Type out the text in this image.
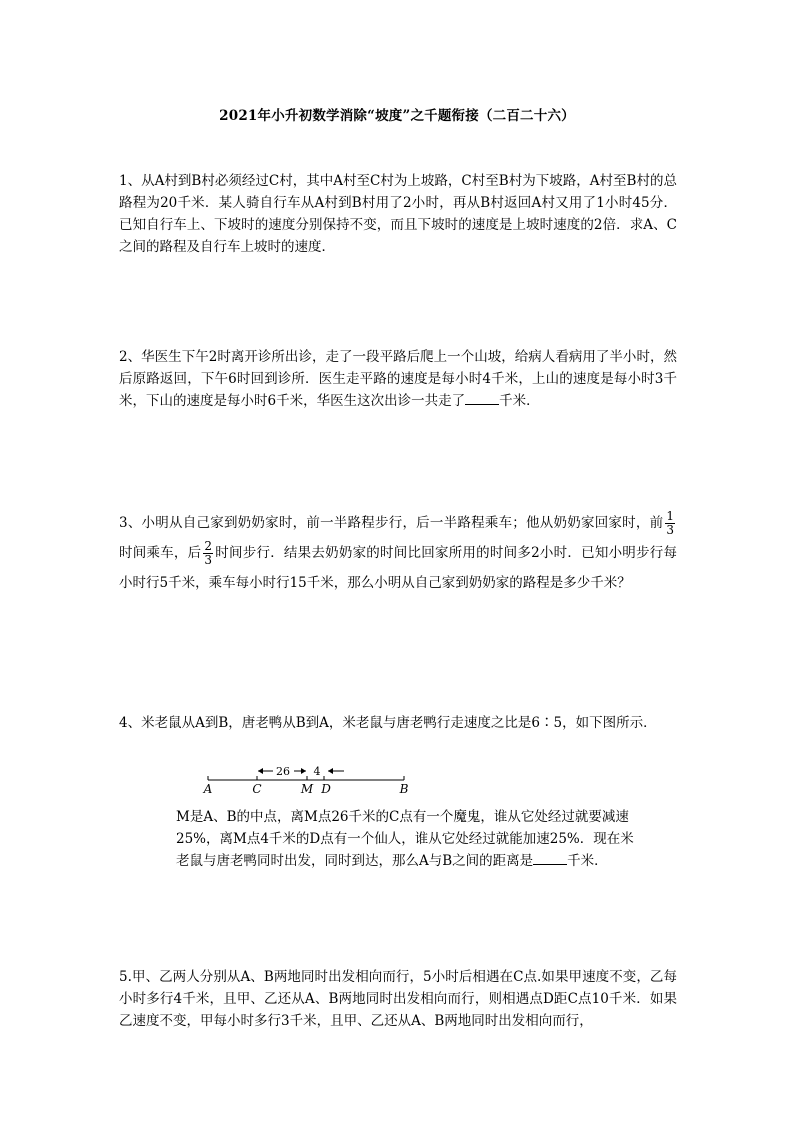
2021年小升初数学消除“坡度”之千题衔接（二百二十六）

1、从A村到B村必须经过C村，其中A村至C村为上坡路，C村至B村为下坡路，A村至B村的总路程为20千米．某人骑自行车从A村到B村用了2小时，再从B村返回A村又用了1小时45分．已知自行车上、下坡时的速度分别保持不变，而且下坡时的速度是上坡时速度的2倍．求A、C之间的路程及自行车上坡时的速度．

2、华医生下午2时离开诊所出诊，走了一段平路后爬上一个山坡，给病人看病用了半小时，然后原路返回，下午6时回到诊所．医生走平路的速度是每小时4千米，上山的速度是每小时3千米，下山的速度是每小时6千米，华医生这次出诊一共走了	千米．

3、小明从自己家到奶奶家时，前一半路程步行，后一半路程乘车；他从奶奶家回家时，前 $\frac{1}{3}$
时间乘车，后 $\frac{2}{3}$ 时间步行．结果去奶奶家的时间比回家所用的时间多2小时．已知小明步行每小时行5千米，乘车每小时行15千米，那么小明从自己家到奶奶家的路程是多少千米？

4、米老鼠从A到B，唐老鸭从B到A，米老鼠与唐老鸭行走速度之比是6∶5，如下图所示．

26 4
A	C	M D	B

M是A、B的中点，离M点26千米的C点有一个魔鬼，谁从它处经过就要减速25%，离M点4千米的D点有一个仙人，谁从它处经过就能加速25%．现在米老鼠与唐老鸭同时出发，同时到达，那么A与B之间的距离是	千米．

5.甲、乙两人分别从A、B两地同时出发相向而行，5小时后相遇在C点.如果甲速度不变，乙每小时多行4千米，且甲、乙还从A、B两地同时出发相向而行，则相遇点D距C点10千米．如果乙速度不变，甲每小时多行3千米，且甲、乙还从A、B两地同时出发相向而行，
